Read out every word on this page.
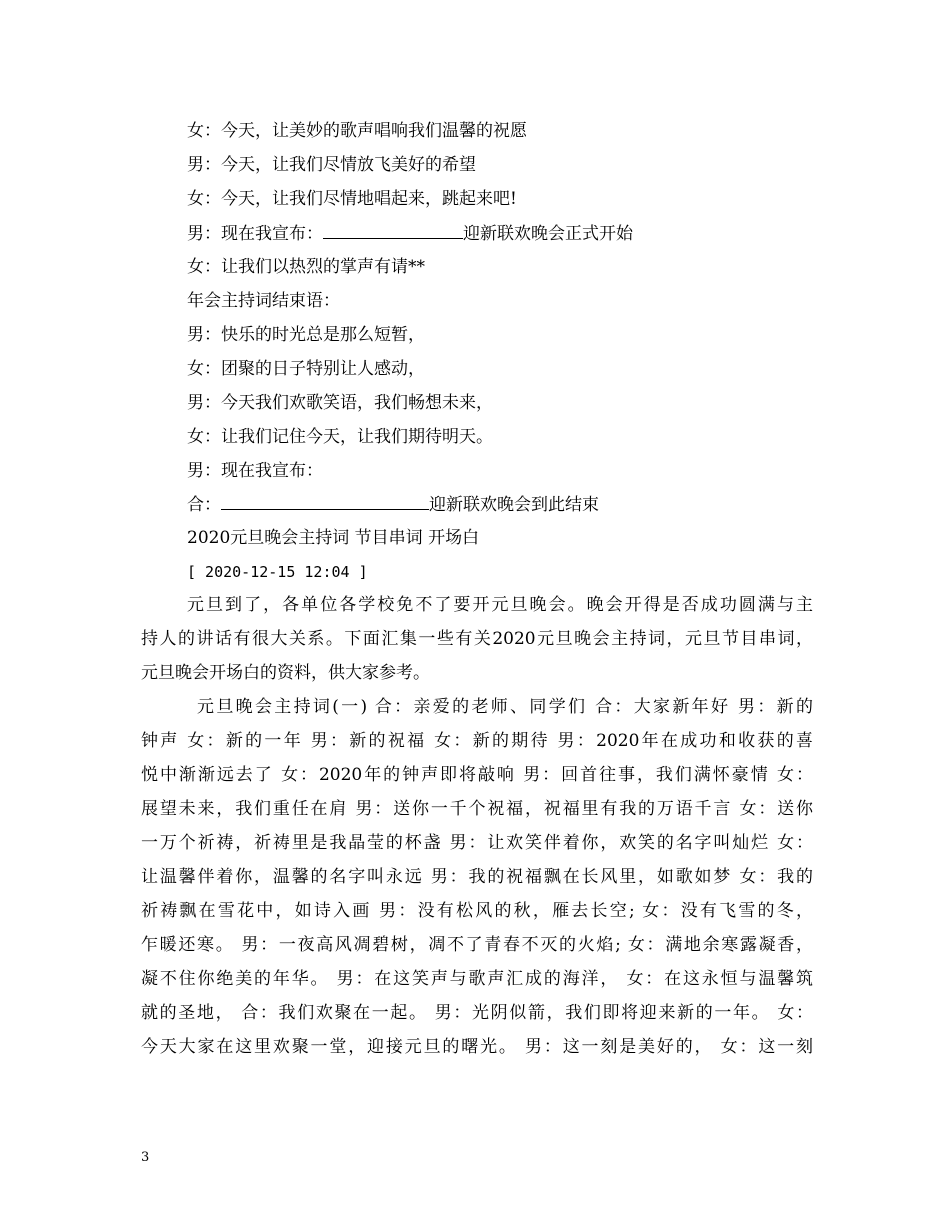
女：今天，让美妙的歌声唱响我们温馨的祝愿
男：今天，让我们尽情放飞美好的希望
女：今天，让我们尽情地唱起来，跳起来吧!
男：现在我宣布：	迎新联欢晚会正式开始
女：让我们以热烈的掌声有请**
年会主持词结束语：
男：快乐的时光总是那么短暂，
女：团聚的日子特别让人感动，
男：今天我们欢歌笑语，我们畅想未来，
女：让我们记住今天，让我们期待明天。
男：现在我宣布：
合：	迎新联欢晚会到此结束
2020元旦晚会主持词 节目串词 开场白
[ 2020-12-15 12:04 ]
元旦到了，各单位各学校免不了要开元旦晚会。晚会开得是否成功圆满与主
持人的讲话有很大关系。下面汇集一些有关2020元旦晚会主持词，元旦节目串词，
元旦晚会开场白的资料，供大家参考。
元旦晚会主持词(一) 合：亲爱的老师、同学们 合：大家新年好 男：新的
钟声 女：新的一年 男：新的祝福 女：新的期待 男：2020年在成功和收获的喜
悦中渐渐远去了 女：2020年的钟声即将敲响 男：回首往事，我们满怀豪情 女：
展望未来，我们重任在肩 男：送你一千个祝福，祝福里有我的万语千言 女：送你
一万个祈祷，祈祷里是我晶莹的杯盏 男：让欢笑伴着你，欢笑的名字叫灿烂 女：
让温馨伴着你，温馨的名字叫永远 男：我的祝福飘在长风里，如歌如梦 女：我的
祈祷飘在雪花中，如诗入画 男：没有松风的秋，雁去长空; 女：没有飞雪的冬，
乍暖还寒。 男：一夜高风凋碧树，凋不了青春不灭的火焰; 女：满地余寒露凝香，
凝不住你绝美的年华。 男：在这笑声与歌声汇成的海洋， 女：在这永恒与温馨筑
就的圣地， 合：我们欢聚在一起。 男：光阴似箭，我们即将迎来新的一年。 女：
今天大家在这里欢聚一堂，迎接元旦的曙光。 男：这一刻是美好的， 女：这一刻
3
